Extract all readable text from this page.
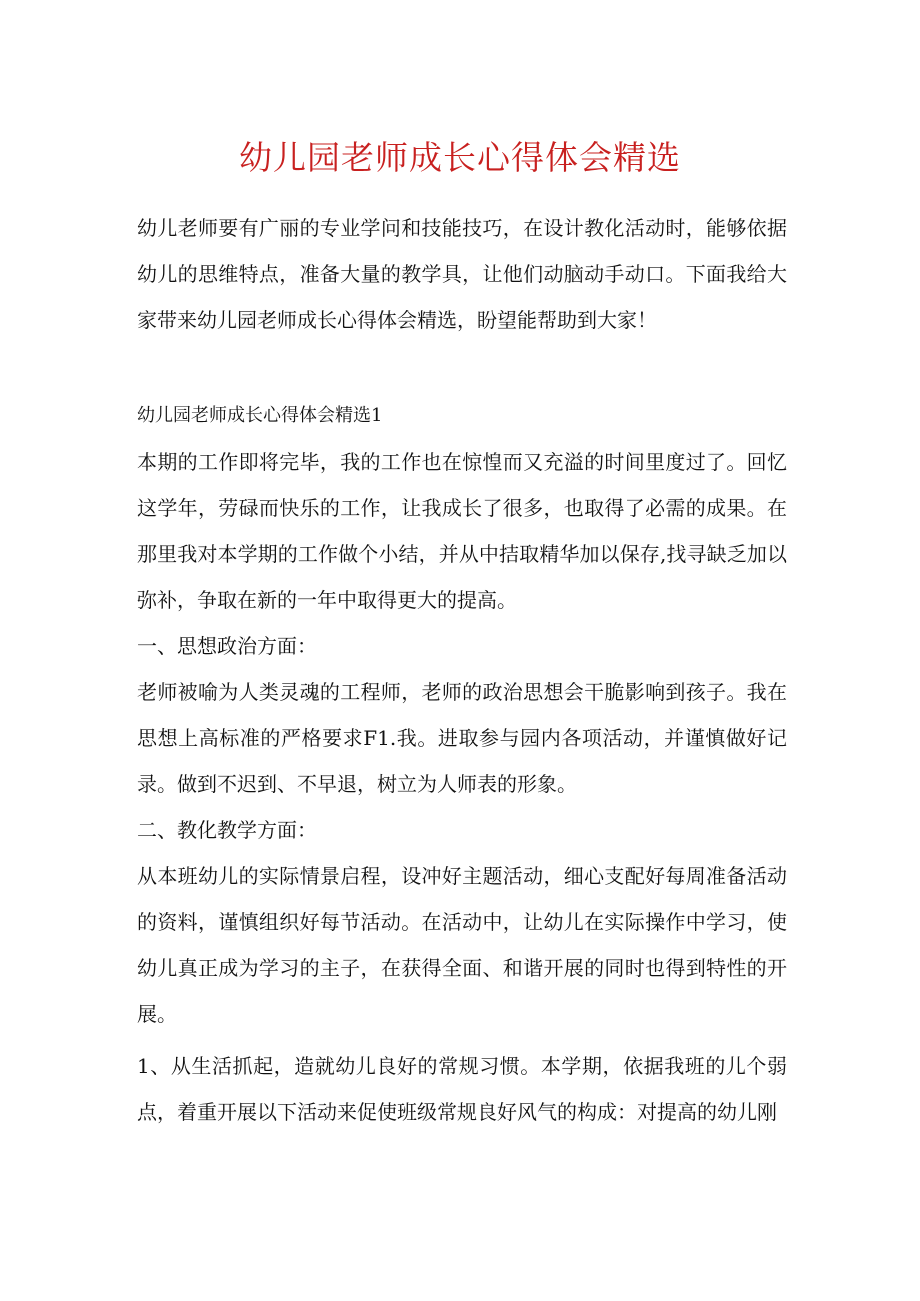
幼儿园老师成长心得体会精选

幼儿老师要有广丽的专业学问和技能技巧，在设计教化活动时，能够依据幼儿的思维特点，准备大量的教学具，让他们动脑动手动口。下面我给大家带来幼儿园老师成长心得体会精选，盼望能帮助到大家！

幼儿园老师成长心得体会精选1

本期的工作即将完毕，我的工作也在惊惶而又充溢的时间里度过了。回忆这学年，劳碌而快乐的工作，让我成长了很多，也取得了必需的成果。在那里我对本学期的工作做个小结，并从中拮取精华加以保存,找寻缺乏加以弥补，争取在新的一年中取得更大的提高。

一、思想政治方面：

老师被喻为人类灵魂的工程师，老师的政治思想会干脆影响到孩子。我在思想上高标准的严格要求F1.我。进取参与园内各项活动，并谨慎做好记录。做到不迟到、不早退，树立为人师表的形象。

二、教化教学方面：

从本班幼儿的实际情景启程，设冲好主题活动，细心支配好每周准备活动的资料，谨慎组织好每节活动。在活动中，让幼儿在实际操作中学习，使幼儿真正成为学习的主子，在获得全面、和谐开展的同时也得到特性的开展。

1、从生活抓起，造就幼儿良好的常规习惯。本学期，依据我班的儿个弱点，着重开展以下活动来促使班级常规良好风气的构成：对提高的幼儿刚
